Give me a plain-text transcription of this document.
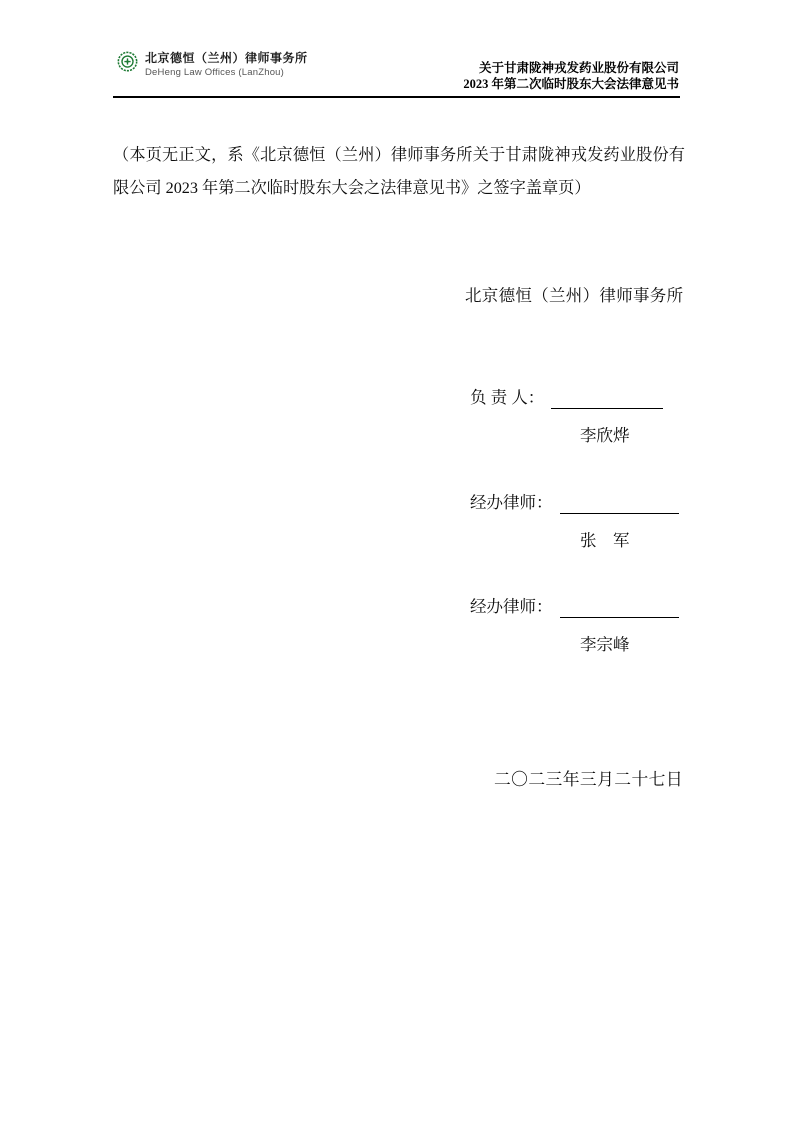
北京德恒（兰州）律师事务所
DeHeng Law Offices (LanZhou)	关于甘肃陇神戎发药业股份有限公司
2023 年第二次临时股东大会法律意见书
（本页无正文，系《北京德恒（兰州）律师事务所关于甘肃陇神戎发药业股份有限公司 2023 年第二次临时股东大会之法律意见书》之签字盖章页）
北京德恒（兰州）律师事务所
负 责 人：
李欣烨
经办律师：
张　军
经办律师：
李宗峰
二〇二三年三月二十七日
